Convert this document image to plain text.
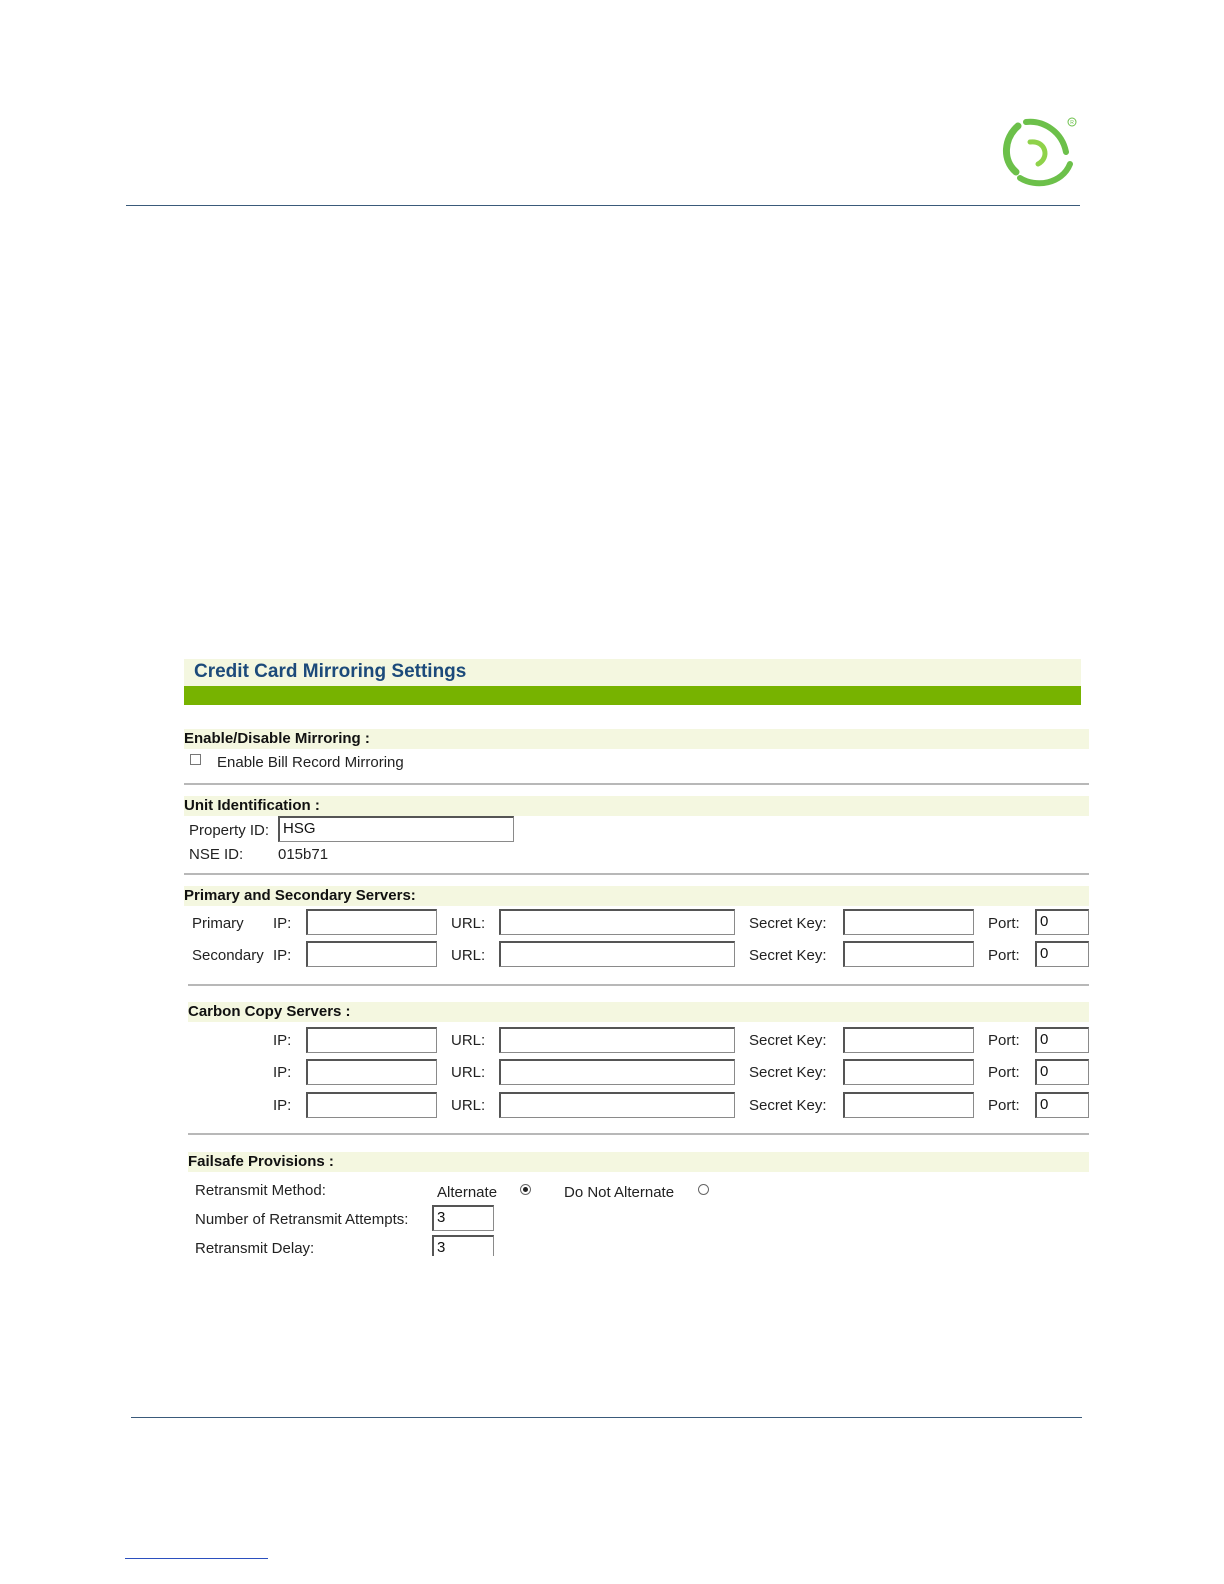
R
Credit Card Mirroring Settings
Enable/Disable Mirroring :
Enable Bill Record Mirroring
Unit Identification :
Property ID: HSG
NSE ID: 015b71
Primary and Secondary Servers:
Primary IP:	URL:	Secret Key:	Port:	0
Secondary IP:	URL:	Secret Key:	Port:	0
Carbon Copy Servers :
IP:	URL:	Secret Key:	Port:	0
IP:	URL:	Secret Key:	Port:	0
IP:	URL:	Secret Key:	Port:	0
Failsafe Provisions :
Retransmit Method:	Alternate	Do Not Alternate
Number of Retransmit Attempts:	3
Retransmit Delay:	3
